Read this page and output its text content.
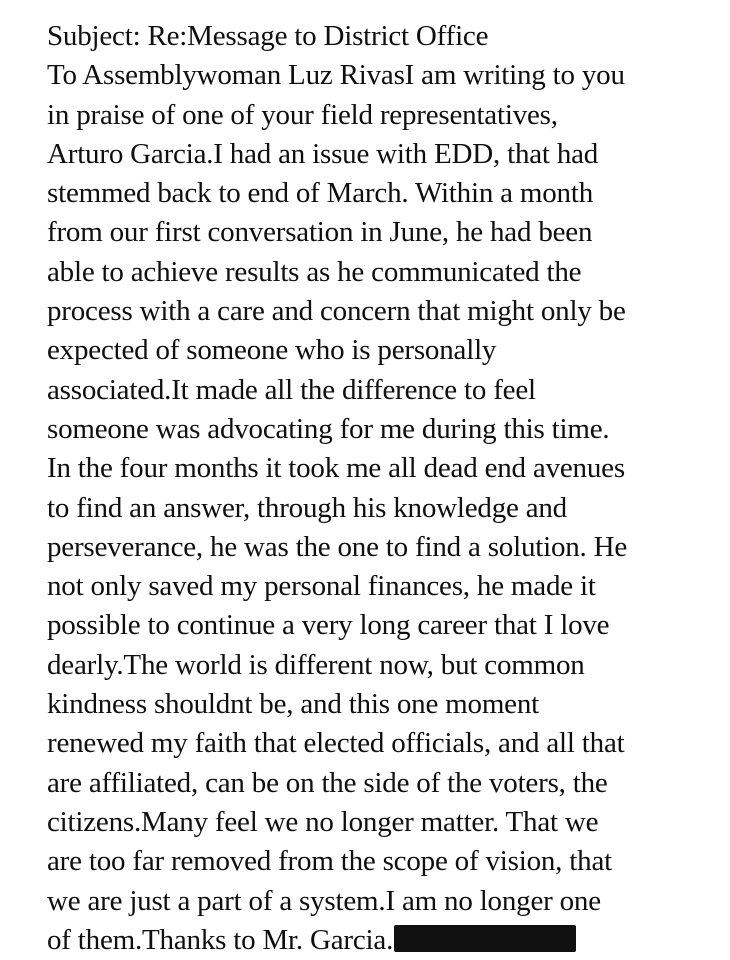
Subject: Re:Message to District Office
To Assemblywoman Luz RivasI am writing to you
in praise of one of your field representatives,
Arturo Garcia.I had an issue with EDD, that had
stemmed back to end of March. Within a month
from our first conversation in June, he had been
able to achieve results as he communicated the
process with a care and concern that might only be
expected of someone who is personally
associated.It made all the difference to feel
someone was advocating for me during this time.
In the four months it took me all dead end avenues
to find an answer, through his knowledge and
perseverance, he was the one to find a solution. He
not only saved my personal finances, he made it
possible to continue a very long career that I love
dearly.The world is different now, but common
kindness shouldnt be, and this one moment
renewed my faith that elected officials, and all that
are affiliated, can be on the side of the voters, the
citizens.Many feel we no longer matter. That we
are too far removed from the scope of vision, that
we are just a part of a system.I am no longer one
of them.Thanks to Mr. Garcia.
